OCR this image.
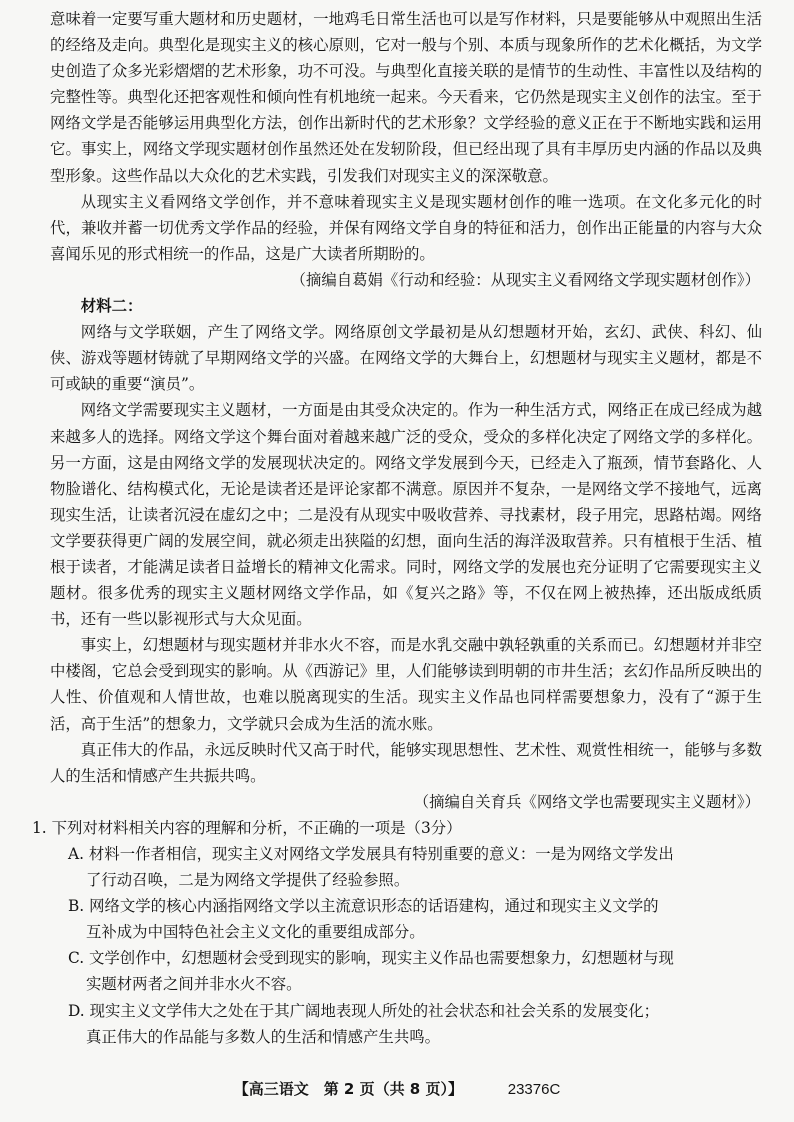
意味着一定要写重大题材和历史题材，一地鸡毛日常生活也可以是写作材料，只是要能够从中观照出生活的经络及走向。典型化是现实主义的核心原则，它对一般与个别、本质与现象所作的艺术化概括，为文学史创造了众多光彩熠熠的艺术形象，功不可没。与典型化直接关联的是情节的生动性、丰富性以及结构的完整性等。典型化还把客观性和倾向性有机地统一起来。今天看来，它仍然是现实主义创作的法宝。至于网络文学是否能够运用典型化方法，创作出新时代的艺术形象？文学经验的意义正在于不断地实践和运用它。事实上，网络文学现实题材创作虽然还处在发轫阶段，但已经出现了具有丰厚历史内涵的作品以及典型形象。这些作品以大众化的艺术实践，引发我们对现实主义的深深敬意。

从现实主义看网络文学创作，并不意味着现实主义是现实题材创作的唯一选项。在文化多元化的时代，兼收并蓄一切优秀文学作品的经验，并保有网络文学自身的特征和活力，创作出正能量的内容与大众喜闻乐见的形式相统一的作品，这是广大读者所期盼的。

（摘编自葛娟《行动和经验：从现实主义看网络文学现实题材创作》）

材料二：

网络与文学联姻，产生了网络文学。网络原创文学最初是从幻想题材开始，玄幻、武侠、科幻、仙侠、游戏等题材铸就了早期网络文学的兴盛。在网络文学的大舞台上，幻想题材与现实主义题材，都是不可或缺的重要“演员”。

网络文学需要现实主义题材，一方面是由其受众决定的。作为一种生活方式，网络正在成已经成为越来越多人的选择。网络文学这个舞台面对着越来越广泛的受众，受众的多样化决定了网络文学的多样化。另一方面，这是由网络文学的发展现状决定的。网络文学发展到今天，已经走入了瓶颈，情节套路化、人物脸谱化、结构模式化，无论是读者还是评论家都不满意。原因并不复杂，一是网络文学不接地气，远离现实生活，让读者沉浸在虚幻之中；二是没有从现实中吸收营养、寻找素材，段子用完，思路枯竭。网络文学要获得更广阔的发展空间，就必须走出狭隘的幻想，面向生活的海洋汲取营养。只有植根于生活、植根于读者，才能满足读者日益增长的精神文化需求。同时，网络文学的发展也充分证明了它需要现实主义题材。很多优秀的现实主义题材网络文学作品，如《复兴之路》等，不仅在网上被热捧，还出版成纸质书，还有一些以影视形式与大众见面。

事实上，幻想题材与现实题材并非水火不容，而是水乳交融中孰轻孰重的关系而已。幻想题材并非空中楼阁，它总会受到现实的影响。从《西游记》里，人们能够读到明朝的市井生活；玄幻作品所反映出的人性、价值观和人情世故，也难以脱离现实的生活。现实主义作品也同样需要想象力，没有了“源于生活，高于生活”的想象力，文学就只会成为生活的流水账。

真正伟大的作品，永远反映时代又高于时代，能够实现思想性、艺术性、观赏性相统一，能够与多数人的生活和情感产生共振共鸣。

（摘编自关育兵《网络文学也需要现实主义题材》）

1. 下列对材料相关内容的理解和分析，不正确的一项是（3分）

A. 材料一作者相信，现实主义对网络文学发展具有特别重要的意义：一是为网络文学发出
了行动召唤，二是为网络文学提供了经验参照。

B. 网络文学的核心内涵指网络文学以主流意识形态的话语建构，通过和现实主义文学的
互补成为中国特色社会主义文化的重要组成部分。

C. 文学创作中，幻想题材会受到现实的影响，现实主义作品也需要想象力，幻想题材与现
实题材两者之间并非水火不容。

D. 现实主义文学伟大之处在于其广阔地表现人所处的社会状态和社会关系的发展变化；
真正伟大的作品能与多数人的生活和情感产生共鸣。

【高三语文　第 2 页（共 8 页）】	23376C
